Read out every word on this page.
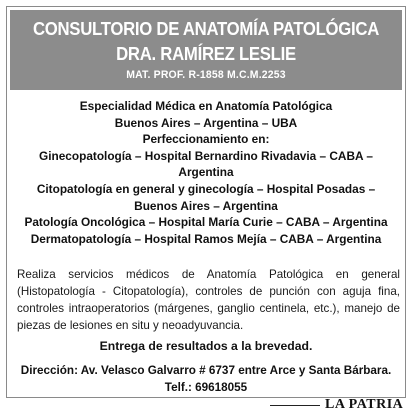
CONSULTORIO DE ANATOMÍA PATOLÓGICA
DRA. RAMÍREZ LESLIE
MAT. PROF. R-1858 M.C.M.2253
Especialidad Médica en Anatomía Patológica
Buenos Aires – Argentina – UBA
Perfeccionamiento en:
Ginecopatología – Hospital Bernardino Rivadavia – CABA –
Argentina
Citopatología en general y ginecología – Hospital Posadas –
Buenos Aires – Argentina
Patología Oncológica – Hospital María Curie – CABA – Argentina
Dermatopatología – Hospital Ramos Mejía – CABA – Argentina
Realiza servicios médicos de Anatomía Patológica en general (Histopatología - Citopatología), controles de punción con aguja fina, controles intraoperatorios (márgenes, ganglio centinela, etc.), manejo de piezas de lesiones en situ y neoadyuvancia.
Entrega de resultados a la brevedad.
Dirección: Av. Velasco Galvarro # 6737 entre Arce y Santa Bárbara.
Telf.: 69618055
LA PATRIA
